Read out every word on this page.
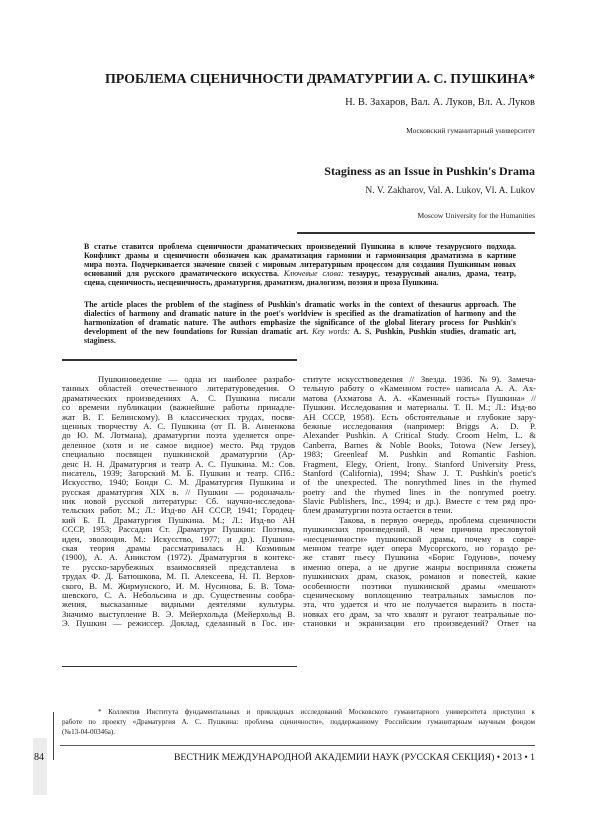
ПРОБЛЕМА СЦЕНИЧНОСТИ ДРАМАТУРГИИ А. С. ПУШКИНА*
Н. В. Захаров, Вал. А. Луков, Вл. А. Луков
Московский гуманитарный университет
Staginess as an Issue in Pushkin's Drama
N. V. Zakharov, Val. A. Lukov, Vl. A. Lukov
Moscow University for the Humanities
В статье ставится проблема сценичности драматических произведений Пушкина в ключе тезаурусного подхода.
Конфликт драмы и сценичности обозначен как драматизация гармонии и гармонизация драматизма в картине
мира поэта. Подчеркивается значение связей с мировым литературным процессом для создания Пушкиным новых
оснований для русского драматического искусства. Ключевые слова: тезаурус, тезаурусный анализ, драма, театр,
сцена, сценичность, несценичность, драматургия, драматизм, диалогизм, поэзия и проза Пушкина.
The article places the problem of the staginess of Pushkin's dramatic works in the context of thesaurus approach. The
dialectics of harmony and dramatic nature in the poet's worldview is specified as the dramatization of harmony and the
harmonization of dramatic nature. The authors emphasize the significance of the global literary process for Pushkin's
development of the new foundations for Russian dramatic art. Key words: A. S. Pushkin, Pushkin studies, dramatic art,
staginess.
Пушкиноведение — одна из наиболее разрабо-
танных областей отечественного литературоведения. О
драматических произведениях А. С. Пушкина писали
со времени публикации (важнейшие работы принадле-
жат В. Г. Белинскому). В классических трудах, посвя-
щенных творчеству А. С. Пушкина (от П. В. Анненкова
до Ю. М. Лотмана), драматургии поэта уделяется опре-
деленное (хотя и не самое видное) место. Ряд трудов
специально посвящен пушкинской драматургии (Ар-
денс Н. Н. Драматургия и театр А. С. Пушкина. М.: Сов.
писатель, 1939; Загорский М. Б. Пушкин и театр. СПб.:
Искусство, 1940; Бонди С. М. Драматургия Пушкина и
русская драматургия XIX в. // Пушкин — родоначаль-
ник новой русской литературы: Сб. научно-исследова-
тельских работ. М.; Л.: Изд-во АН СССР, 1941; Городец-
кий Б. П. Драматургия Пушкина. М.; Л.: Изд-во АН
СССР, 1953; Рассадин Ст. Драматург Пушкин: Поэтика,
идеи, эволюция. М.: Искусство, 1977; и др.). Пушкин-
ская теория драмы рассматривалась Н. Козминым
(1900), А. А. Аникстом (1972). Драматургия в контекс-
те русско-зарубежных взаимосвязей представлена в
трудах Ф. Д. Батюшкова, М. П. Алексеева, Н. П. Верхов-
ского, В. М. Жирмунского, И. М. Нусинова, Б. В. Тома-
шевского, С. А. Небольсина и др. Существенны сообра-
жения, высказанные видными деятелями культуры.
Значимо выступление В. Э. Мейерхольда (Мейерхольд В.
Э. Пушкин — режиссер. Доклад, сделанный в Гос. ин-
ституте искусствоведения // Звезда. 1936. №9). Замеча-
тельную работу о «Каменном госте» написала А. А. Ах-
матова (Ахматова А. А. «Каменный гость» Пушкина» //
Пушкин. Исследования и материалы. Т. II. М.; Л.: Изд-во
АН СССР, 1958). Есть обстоятельные и глубокие зару-
бежные исследования (например: Briggs A. D. P.
Alexander Pushkin. A Critical Study. Croom Helm, L. &
Canberra, Barnes & Noble Books, Totowa (New Jersey),
1983; Greenleaf M. Pushkin and Romantic Fashion.
Fragment, Elegy, Orient, Irony. Stanford University Press,
Stanford (California), 1994; Shaw J. T. Pushkin's poetic's
of the unexpected. The nonrythmed lines in the rhymed
poetry and the rhymed lines in the nonrymed poetry.
Slavic Publishers, Inc., 1994; и др.). Вместе с тем ряд про-
блем драматургии поэта остается в тени.
Такова, в первую очередь, проблема сценичности
пушкинских произведений. В чем причина пресловутой
«несценичности» пушкинской драмы, почему в совре-
менном театре идет опера Мусоргского, но гораздо ре-
же ставят пьесу Пушкина «Борис Годунов», почему
именно опера, а не другие жанры восприняла сюжеты
пушкинских драм, сказок, романов и повестей, какие
особенности поэтики пушкинской драмы «мешают»
сценическому воплощению театральных замыслов по-
эта, что удается и что не получается выразить в поста-
новках его драм, за что хвалят и ругают театральные по-
становки и экранизации его произведений? Ответ на
* Коллектив Института фундаментальных и прикладных исследований Московского гуманитарного университета приступил к
работе по проекту «Драматургия А. С. Пушкина: проблема сценичности», поддержанному Российским гуманитарным научным фондом
(№13-04-00346а).
84	ВЕСТНИК МЕЖДУНАРОДНОЙ АКАДЕМИИ НАУК (РУССКАЯ СЕКЦИЯ) • 2013 • 1
